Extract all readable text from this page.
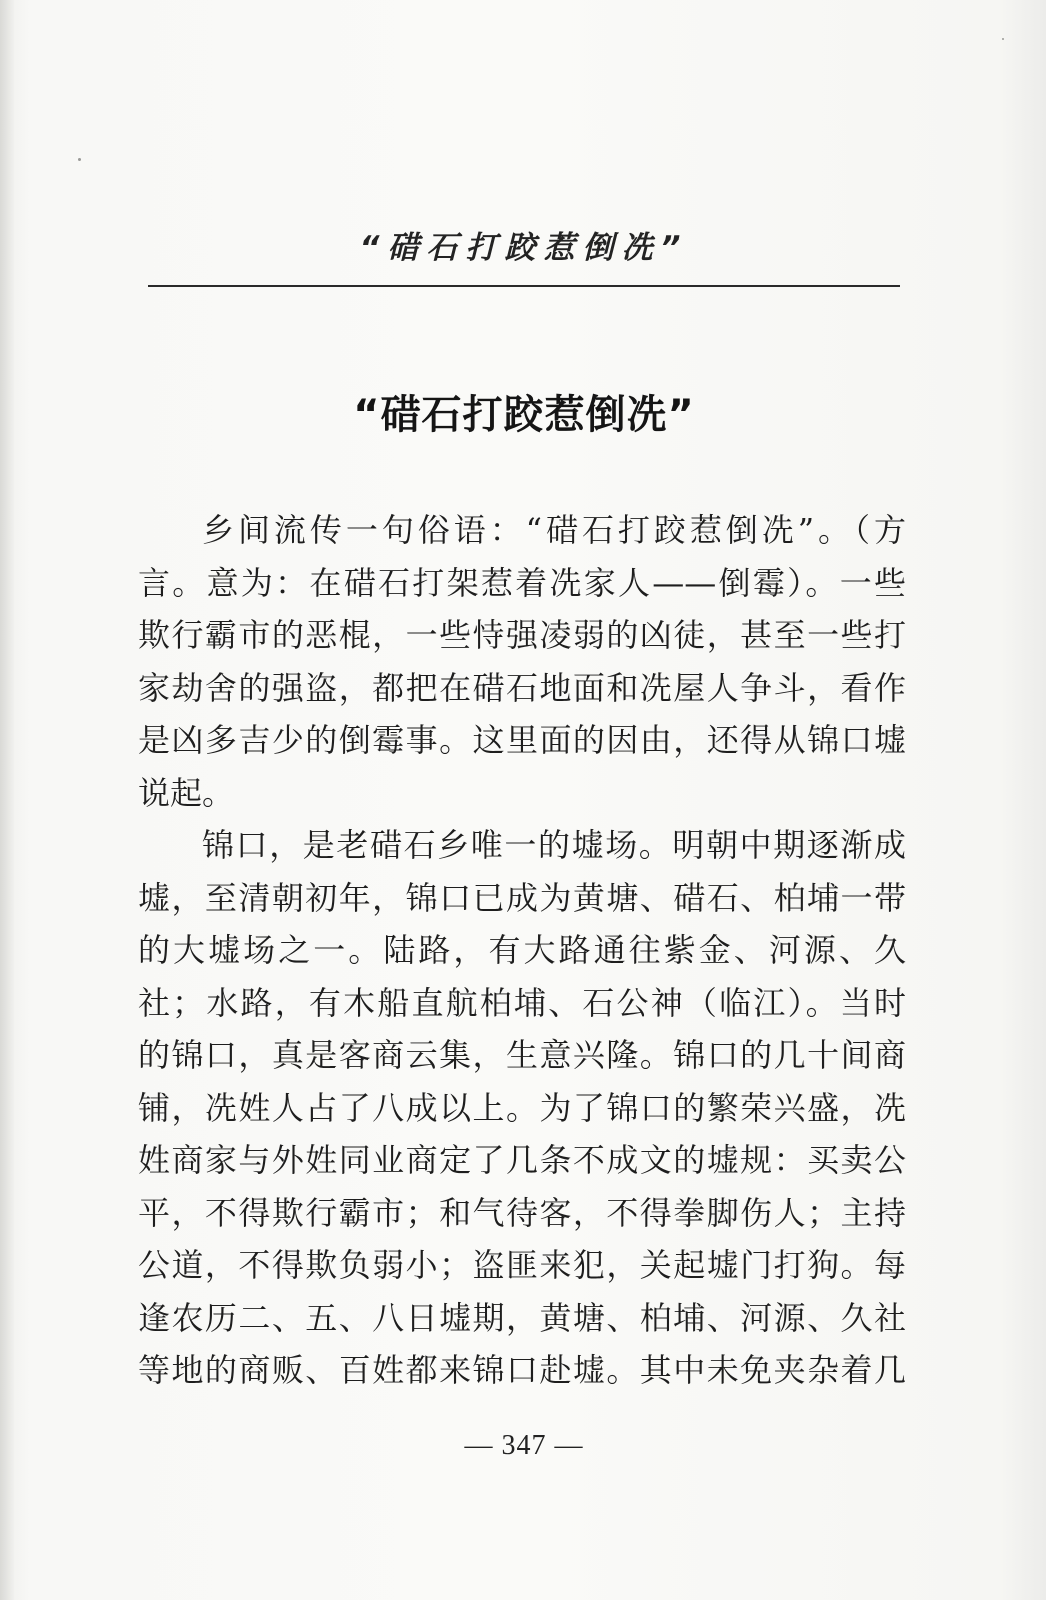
“碏石打跤惹倒冼”
“碏石打跤惹倒冼”
乡间流传一句俗语：“碏石打跤惹倒冼”。（方
言。意为：在碏石打架惹着冼家人——倒霉）。一些
欺行霸市的恶棍，一些恃强凌弱的凶徒，甚至一些打
家劫舍的强盗，都把在碏石地面和冼屋人争斗，看作
是凶多吉少的倒霉事。这里面的因由，还得从锦口墟
说起。
锦口，是老碏石乡唯一的墟场。明朝中期逐渐成
墟，至清朝初年，锦口已成为黄塘、碏石、柏埔一带
的大墟场之一。陆路，有大路通往紫金、河源、久
社；水路，有木船直航柏埔、石公神（临江）。当时
的锦口，真是客商云集，生意兴隆。锦口的几十间商
铺，冼姓人占了八成以上。为了锦口的繁荣兴盛，冼
姓商家与外姓同业商定了几条不成文的墟规：买卖公
平，不得欺行霸市；和气待客，不得拳脚伤人；主持
公道，不得欺负弱小；盗匪来犯，关起墟门打狗。每
逢农历二、五、八日墟期，黄塘、柏埔、河源、久社
等地的商贩、百姓都来锦口赴墟。其中未免夹杂着几
— 347 —
